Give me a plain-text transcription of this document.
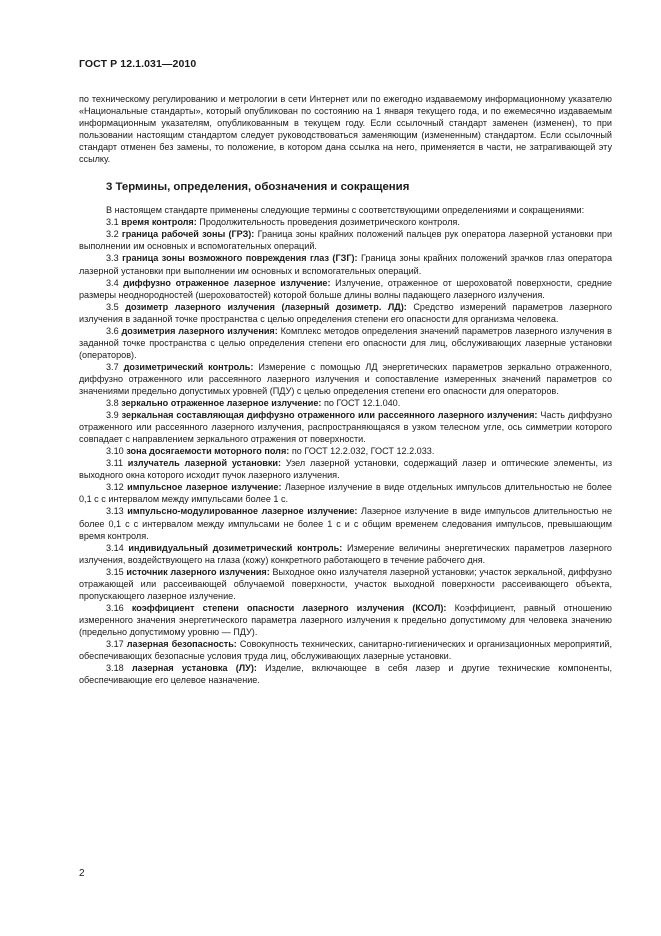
ГОСТ Р 12.1.031—2010

по техническому регулированию и метрологии в сети Интернет или по ежегодно издаваемому информационному указателю «Национальные стандарты», который опубликован по состоянию на 1 января текущего года, и по ежемесячно издаваемым информационным указателям, опубликованным в текущем году. Если ссылочный стандарт заменен (изменен), то при пользовании настоящим стандартом следует руководствоваться заменяющим (измененным) стандартом. Если ссылочный стандарт отменен без замены, то положение, в котором дана ссылка на него, применяется в части, не затрагивающей эту ссылку.

3 Термины, определения, обозначения и сокращения

В настоящем стандарте применены следующие термины с соответствующими определениями и сокращениями:

3.1 время контроля: Продолжительность проведения дозиметрического контроля.

3.2 граница рабочей зоны (ГРЗ): Граница зоны крайних положений пальцев рук оператора лазерной установки при выполнении им основных и вспомогательных операций.

3.3 граница зоны возможного повреждения глаз (ГЗГ): Граница зоны крайних положений зрачков глаз оператора лазерной установки при выполнении им основных и вспомогательных операций.

3.4 диффузно отраженное лазерное излучение: Излучение, отраженное от шероховатой поверхности, средние размеры неоднородностей (шероховатостей) которой больше длины волны падающего лазерного излучения.

3.5 дозиметр лазерного излучения (лазерный дозиметр. ЛД): Средство измерений параметров лазерного излучения в заданной точке пространства с целью определения степени его опасности для организма человека.

3.6 дозиметрия лазерного излучения: Комплекс методов определения значений параметров лазерного излучения в заданной точке пространства с целью определения степени его опасности для лиц, обслуживающих лазерные установки (операторов).

3.7 дозиметрический контроль: Измерение с помощью ЛД энергетических параметров зеркально отраженного, диффузно отраженного или рассеянного лазерного излучения и сопоставление измеренных значений параметров со значениями предельно допустимых уровней (ПДУ) с целью определения степени его опасности для операторов.

3.8 зеркально отраженное лазерное излучение: по ГОСТ 12.1.040.

3.9 зеркальная составляющая диффузно отраженного или рассеянного лазерного излучения: Часть диффузно отраженного или рассеянного лазерного излучения, распространяющаяся в узком телесном угле, ось симметрии которого совпадает с направлением зеркального отражения от поверхности.

3.10 зона досягаемости моторного поля: по ГОСТ 12.2.032, ГОСТ 12.2.033.

3.11 излучатель лазерной установки: Узел лазерной установки, содержащий лазер и оптические элементы, из выходного окна которого исходит пучок лазерного излучения.

3.12 импульсное лазерное излучение: Лазерное излучение в виде отдельных импульсов длительностью не более 0,1 с с интервалом между импульсами более 1 с.

3.13 импульсно-модулированное лазерное излучение: Лазерное излучение в виде импульсов длительностью не более 0,1 с с интервалом между импульсами не более 1 с и с общим временем следования импульсов, превышающим время контроля.

3.14 индивидуальный дозиметрический контроль: Измерение величины энергетических параметров лазерного излучения, воздействующего на глаза (кожу) конкретного работающего в течение рабочего дня.

3.15 источник лазерного излучения: Выходное окно излучателя лазерной установки; участок зеркальной, диффузно отражающей или рассеивающей облучаемой поверхности, участок выходной поверхности рассеивающего объекта, пропускающего лазерное излучение.

3.16 коэффициент степени опасности лазерного излучения (КСОЛ): Коэффициент, равный отношению измеренного значения энергетического параметра лазерного излучения к предельно допустимому для человека значению (предельно допустимому уровню — ПДУ).

3.17 лазерная безопасность: Совокупность технических, санитарно-гигиенических и организационных мероприятий, обеспечивающих безопасные условия труда лиц, обслуживающих лазерные установки.

3.18 лазерная установка (ЛУ): Изделие, включающее в себя лазер и другие технические компоненты, обеспечивающие его целевое назначение.

2
